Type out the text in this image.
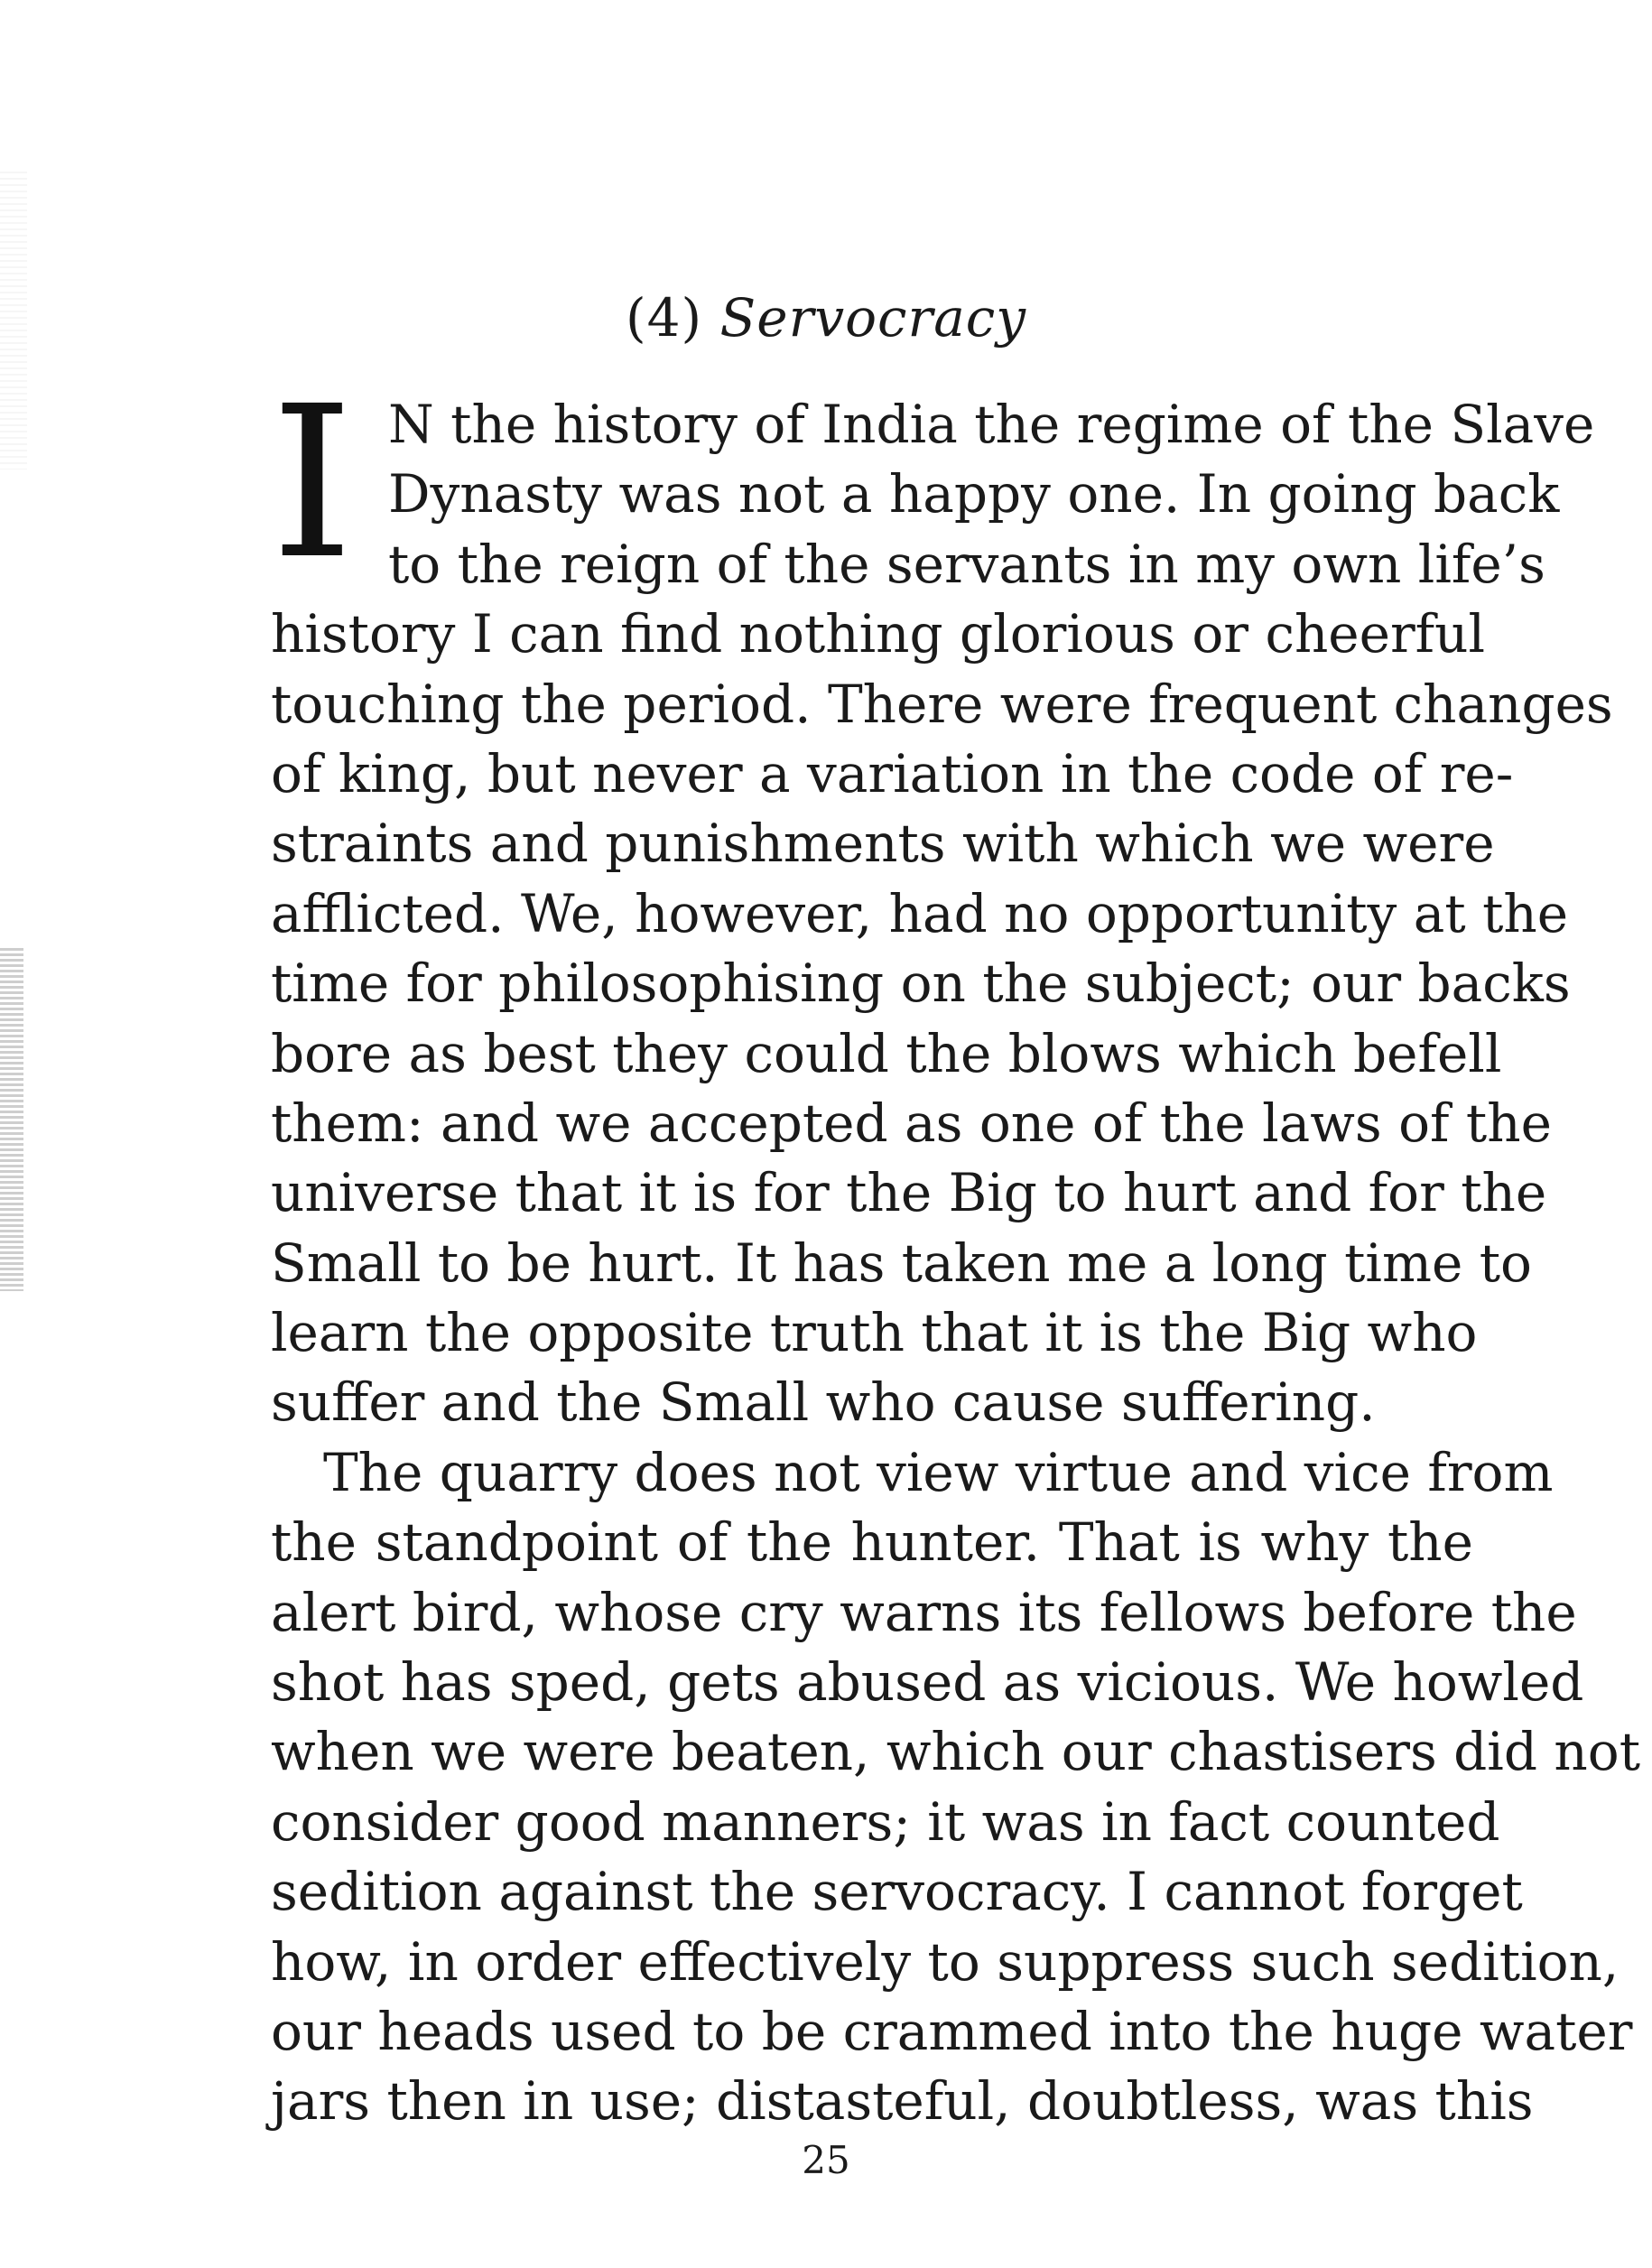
(4) Servocracy
I N the history of India the regime of the Slave
Dynasty was not a happy one. In going back
to the reign of the servants in my own life’s
history I can find nothing glorious or cheerful
touching the period. There were frequent changes
of king, but never a variation in the code of re-
straints and punishments with which we were
afflicted. We, however, had no opportunity at the
time for philosophising on the subject; our backs
bore as best they could the blows which befell
them: and we accepted as one of the laws of the
universe that it is for the Big to hurt and for the
Small to be hurt. It has taken me a long time to
learn the opposite truth that it is the Big who
suffer and the Small who cause suffering.
The quarry does not view virtue and vice from
the standpoint of the hunter. That is why the
alert bird, whose cry warns its fellows before the
shot has sped, gets abused as vicious. We howled
when we were beaten, which our chastisers did not
consider good manners; it was in fact counted
sedition against the servocracy. I cannot forget
how, in order effectively to suppress such sedition,
our heads used to be crammed into the huge water
jars then in use; distasteful, doubtless, was this
25
